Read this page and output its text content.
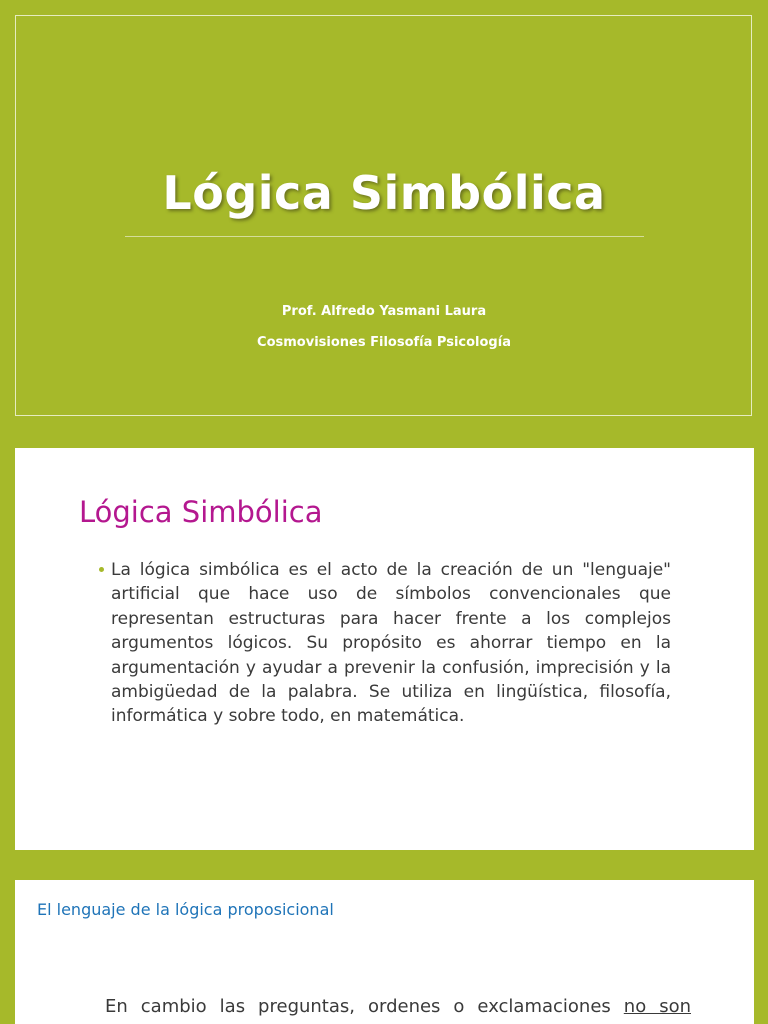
Lógica Simbólica
Prof. Alfredo Yasmani Laura
Cosmovisiones Filosofía Psicología
Lógica Simbólica

La lógica simbólica es el acto de la creación de un "lenguaje" artificial que hace uso de símbolos convencionales que representan estructuras para hacer frente a los complejos argumentos lógicos. Su propósito es ahorrar tiempo en la argumentación y ayudar a prevenir la confusión, imprecisión y la ambigüedad de la palabra. Se utiliza en lingüística, filosofía, informática y sobre todo, en matemática.

El lenguaje de la lógica proposicional

En cambio las preguntas, ordenes o exclamaciones no son
